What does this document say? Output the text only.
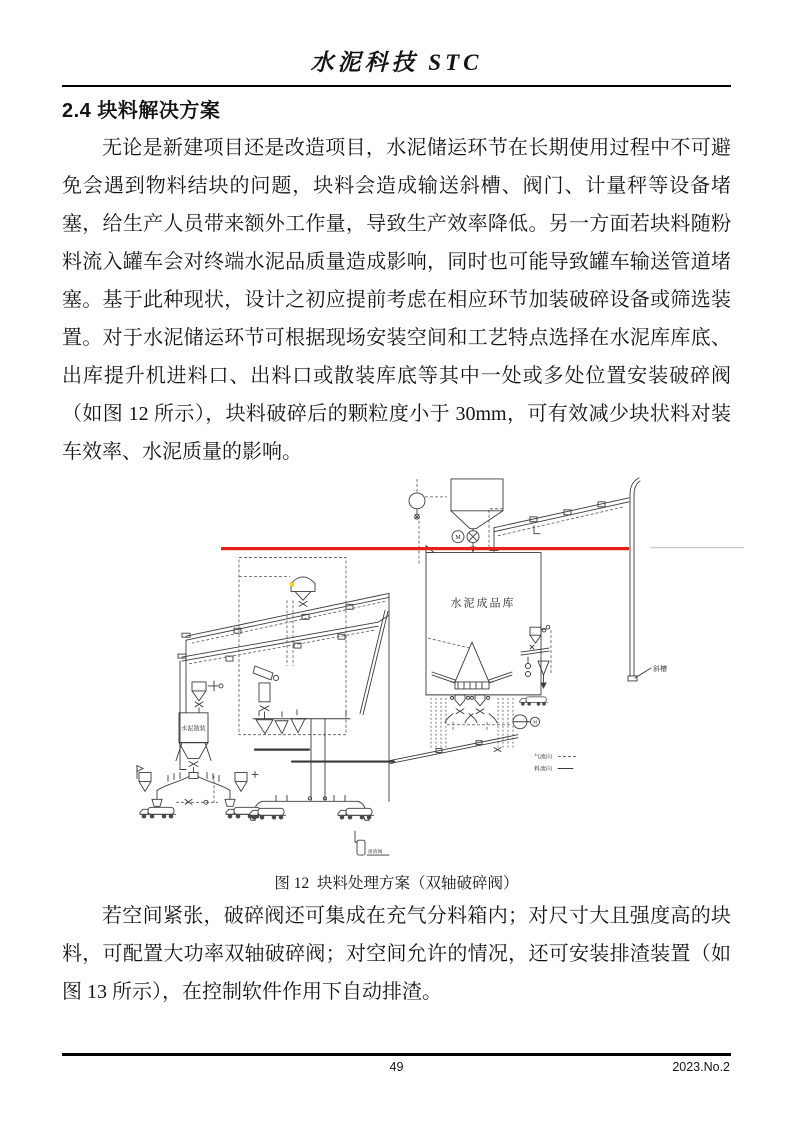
水泥科技 STC
2.4 块料解决方案

无论是新建项目还是改造项目，水泥储运环节在长期使用过程中不可避免会遇到物料结块的问题，块料会造成输送斜槽、阀门、计量秤等设备堵塞，给生产人员带来额外工作量，导致生产效率降低。另一方面若块料随粉料流入罐车会对终端水泥品质量造成影响，同时也可能导致罐车输送管道堵塞。基于此种现状，设计之初应提前考虑在相应环节加装破碎设备或筛选装置。对于水泥储运环节可根据现场安装空间和工艺特点选择在水泥库库底、出库提升机进料口、出料口或散装库底等其中一处或多处位置安装破碎阀（如图 12 所示），块料破碎后的颗粒度小于 30mm，可有效减少块状料对装车效率、水泥质量的影响。

水泥成品库
水泥散装
斜槽
气流向
料流向
排渣阀
M
M
图 12  块料处理方案（双轴破碎阀）

若空间紧张，破碎阀还可集成在充气分料箱内；对尺寸大且强度高的块料，可配置大功率双轴破碎阀；对空间允许的情况，还可安装排渣装置（如图 13 所示），在控制软件作用下自动排渣。

49	2023.No.2
